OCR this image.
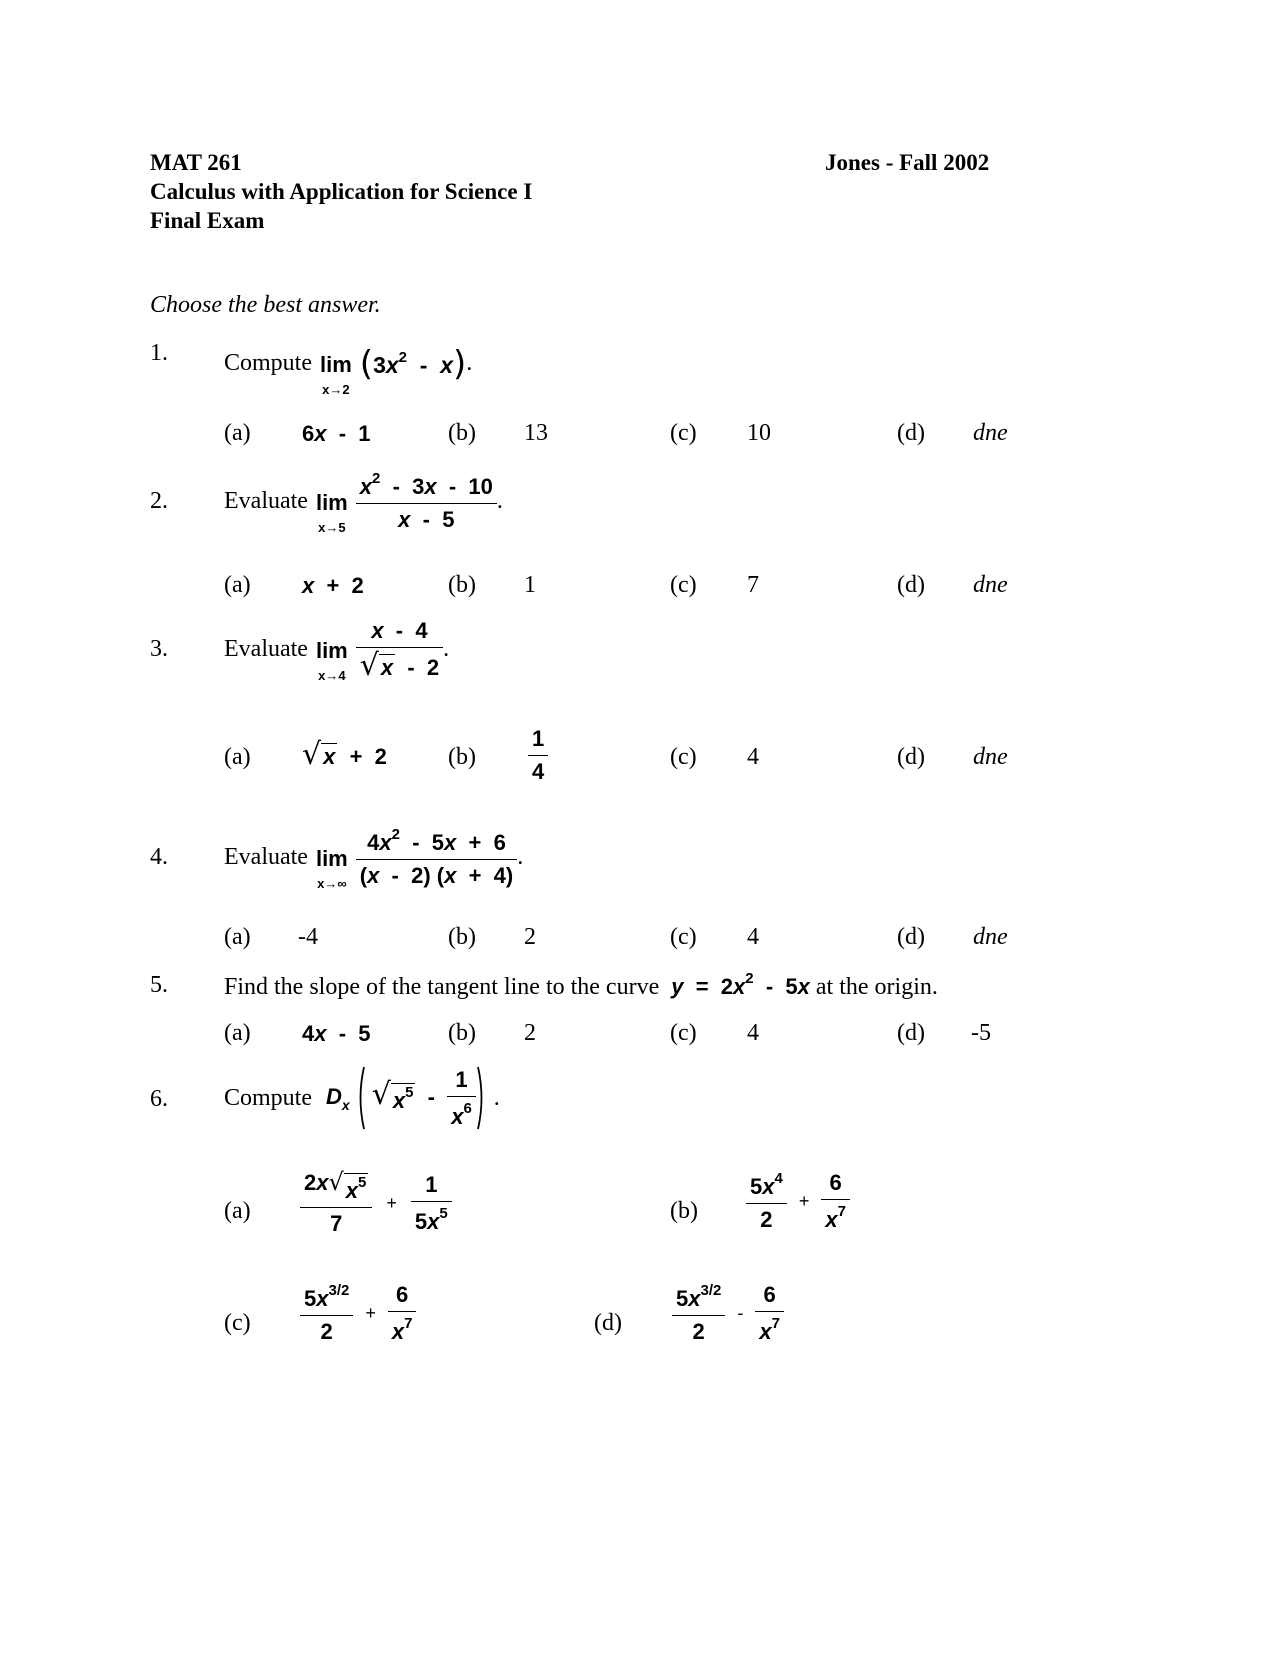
MAT 261
Calculus with Application for Science I
Final Exam
Jones - Fall 2002
Choose the best answer.
1. Compute lim
x→2
( $3x^2$  -  x ) .
(a) 6x  -  1	(b) 13	(c) 10	(d) dne
2. Evaluate lim
$x\to 5 \frac{x^2 - 3x - 10}{x - 5}$ .
(a) x  +  2	(b) 1	(c) 7	(d) dne
3. Evaluate lim
$x\to 4 \frac{x - 4}{√ x - 2}$ .
(a) √ x +  2	$(b) \frac{1}{4}$	(c) 4	(d) dne
4. Evaluate lim
$x\to\infty \frac{4x^2 - 5x + 6}{(x - 2) (x + 4)}$ .
(a) -4	(b) 2	(c) 4	(d) dne
5. Find the slope of the tangent line to the curve $y = 2x^2 - 5x$ at the origin.
(a) 4x  -  5	(b) 2	(c) 4	(d) -5
6. Compute $D_x$ √ $x^5 - \frac{1}{x^6}$ .
$(a) \frac{2x √ x^5}{7} + \frac{1}{5x^5}$	$(b) \frac{5x^4}{2} + \frac{6}{x^7}$
$(c) \frac{5x^{3/2}}{2} + \frac{6}{x^7}$	$(d) \frac{5x^{3/2}}{2} - \frac{6}{x^7}$
